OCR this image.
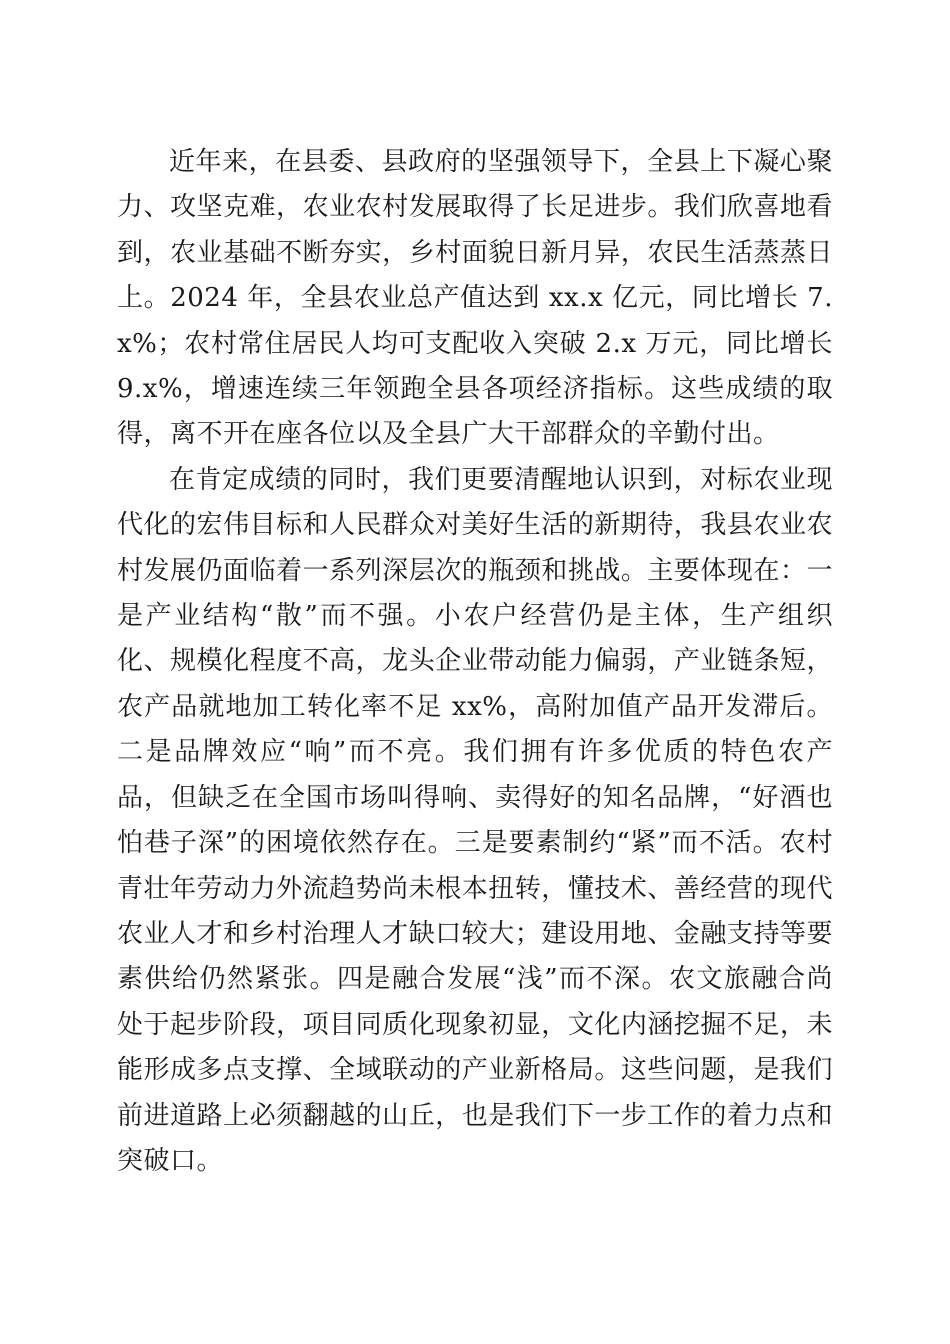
近年来，在县委、县政府的坚强领导下，全县上下凝心聚力、攻坚克难，农业农村发展取得了长足进步。我们欣喜地看到，农业基础不断夯实，乡村面貌日新月异，农民生活蒸蒸日上。2024 年，全县农业总产值达到 xx.x 亿元，同比增长 7.x%；农村常住居民人均可支配收入突破 2.x 万元，同比增长 9.x%，增速连续三年领跑全县各项经济指标。这些成绩的取得，离不开在座各位以及全县广大干部群众的辛勤付出。

在肯定成绩的同时，我们更要清醒地认识到，对标农业现代化的宏伟目标和人民群众对美好生活的新期待，我县农业农村发展仍面临着一系列深层次的瓶颈和挑战。主要体现在：一是产业结构“散”而不强。小农户经营仍是主体，生产组织化、规模化程度不高，龙头企业带动能力偏弱，产业链条短，农产品就地加工转化率不足 xx%，高附加值产品开发滞后。二是品牌效应“响”而不亮。我们拥有许多优质的特色农产品，但缺乏在全国市场叫得响、卖得好的知名品牌，“好酒也怕巷子深”的困境依然存在。三是要素制约“紧”而不活。农村青壮年劳动力外流趋势尚未根本扭转，懂技术、善经营的现代农业人才和乡村治理人才缺口较大；建设用地、金融支持等要素供给仍然紧张。四是融合发展“浅”而不深。农文旅融合尚处于起步阶段，项目同质化现象初显，文化内涵挖掘不足，未能形成多点支撑、全域联动的产业新格局。这些问题，是我们前进道路上必须翻越的山丘，也是我们下一步工作的着力点和突破口。
